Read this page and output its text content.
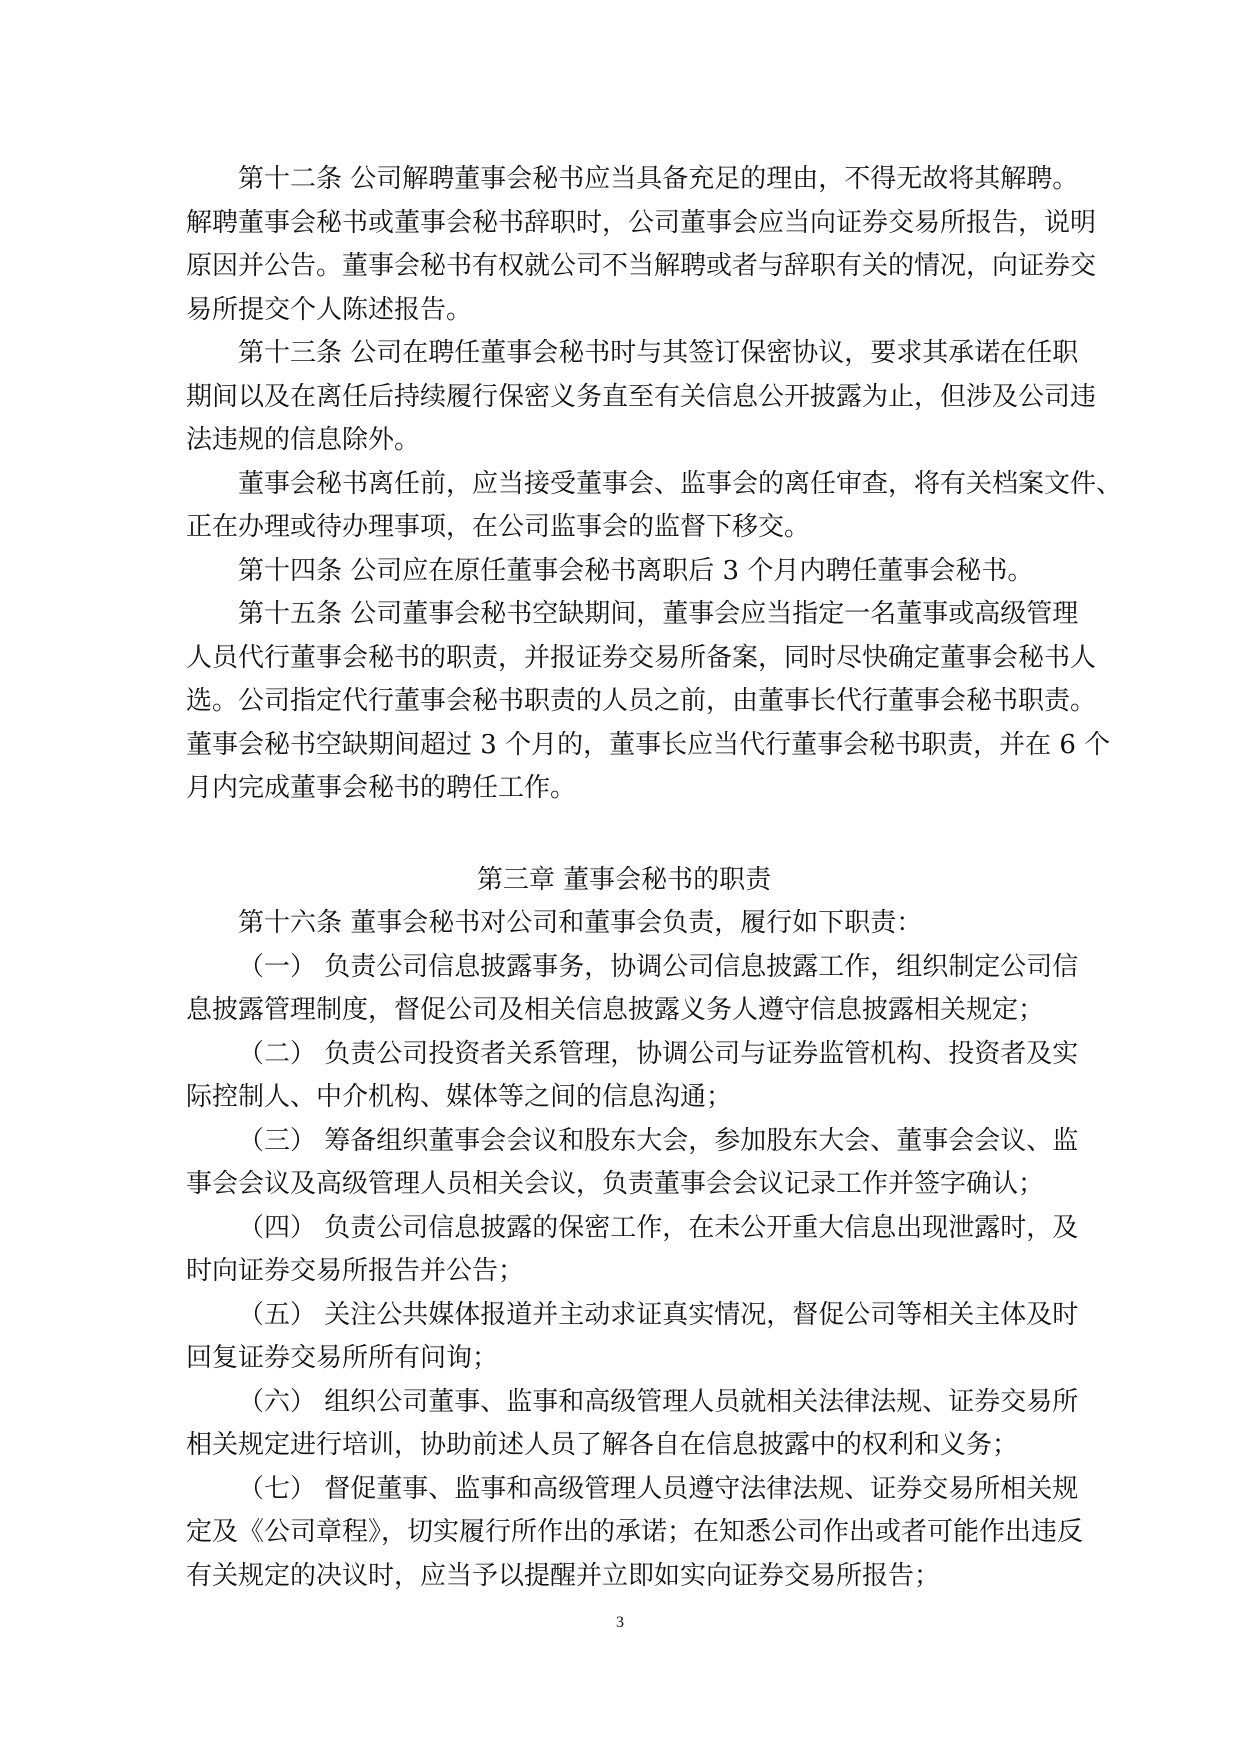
第十二条 公司解聘董事会秘书应当具备充足的理由，不得无故将其解聘。
解聘董事会秘书或董事会秘书辞职时，公司董事会应当向证券交易所报告，说明
原因并公告。董事会秘书有权就公司不当解聘或者与辞职有关的情况，向证券交
易所提交个人陈述报告。
第十三条 公司在聘任董事会秘书时与其签订保密协议，要求其承诺在任职
期间以及在离任后持续履行保密义务直至有关信息公开披露为止，但涉及公司违
法违规的信息除外。
董事会秘书离任前，应当接受董事会、监事会的离任审查，将有关档案文件、
正在办理或待办理事项，在公司监事会的监督下移交。
第十四条 公司应在原任董事会秘书离职后 3 个月内聘任董事会秘书。
第十五条 公司董事会秘书空缺期间，董事会应当指定一名董事或高级管理
人员代行董事会秘书的职责，并报证券交易所备案，同时尽快确定董事会秘书人
选。公司指定代行董事会秘书职责的人员之前，由董事长代行董事会秘书职责。
董事会秘书空缺期间超过 3 个月的，董事长应当代行董事会秘书职责，并在 6 个
月内完成董事会秘书的聘任工作。
第三章 董事会秘书的职责
第十六条 董事会秘书对公司和董事会负责，履行如下职责：
（一） 负责公司信息披露事务，协调公司信息披露工作，组织制定公司信
息披露管理制度，督促公司及相关信息披露义务人遵守信息披露相关规定；
（二） 负责公司投资者关系管理，协调公司与证券监管机构、投资者及实
际控制人、中介机构、媒体等之间的信息沟通；
（三） 筹备组织董事会会议和股东大会，参加股东大会、董事会会议、监
事会会议及高级管理人员相关会议，负责董事会会议记录工作并签字确认；
（四） 负责公司信息披露的保密工作，在未公开重大信息出现泄露时，及
时向证券交易所报告并公告；
（五） 关注公共媒体报道并主动求证真实情况，督促公司等相关主体及时
回复证券交易所所有问询；
（六） 组织公司董事、监事和高级管理人员就相关法律法规、证券交易所
相关规定进行培训，协助前述人员了解各自在信息披露中的权利和义务；
（七） 督促董事、监事和高级管理人员遵守法律法规、证券交易所相关规
定及《公司章程》，切实履行所作出的承诺；在知悉公司作出或者可能作出违反
有关规定的决议时，应当予以提醒并立即如实向证券交易所报告；
3
